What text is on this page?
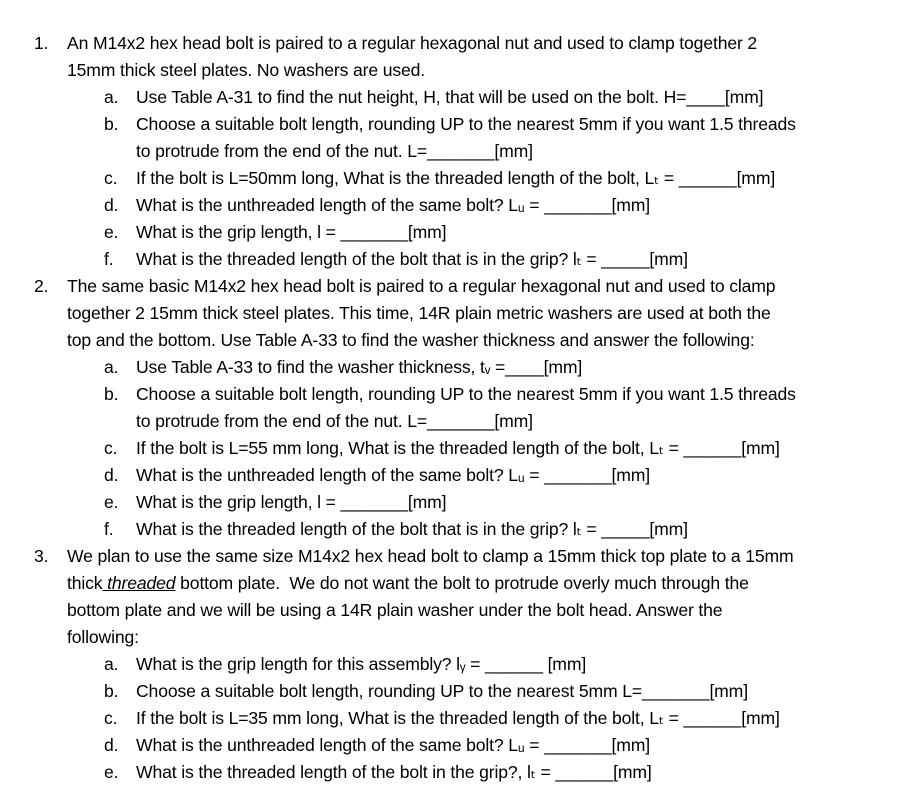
1. An M14x2 hex head bolt is paired to a regular hexagonal nut and used to clamp together 2
15mm thick steel plates. No washers are used.
a. Use Table A-31 to find the nut height, H, that will be used on the bolt. H=____[mm]
b. Choose a suitable bolt length, rounding UP to the nearest 5mm if you want 1.5 threads
to protrude from the end of the nut. L=_______[mm]
c. If the bolt is L=50mm long, What is the threaded length of the bolt, Lₜ = ______[mm]
d. What is the unthreaded length of the same bolt? Lᵤ = _______[mm]
e. What is the grip length, l = _______[mm]
f. What is the threaded length of the bolt that is in the grip? lₜ = _____[mm]
2. The same basic M14x2 hex head bolt is paired to a regular hexagonal nut and used to clamp
together 2 15mm thick steel plates. This time, 14R plain metric washers are used at both the
top and the bottom. Use Table A-33 to find the washer thickness and answer the following:
a. Use Table A-33 to find the washer thickness, tᵥ =____[mm]
b. Choose a suitable bolt length, rounding UP to the nearest 5mm if you want 1.5 threads
to protrude from the end of the nut. L=_______[mm]
c. If the bolt is L=55 mm long, What is the threaded length of the bolt, Lₜ = ______[mm]
d. What is the unthreaded length of the same bolt? Lᵤ = _______[mm]
e. What is the grip length, l = _______[mm]
f. What is the threaded length of the bolt that is in the grip? lₜ = _____[mm]
3. We plan to use the same size M14x2 hex head bolt to clamp a 15mm thick top plate to a 15mm
thick threaded bottom plate.  We do not want the bolt to protrude overly much through the
bottom plate and we will be using a 14R plain washer under the bolt head. Answer the
following:
a. What is the grip length for this assembly? lᵧ = ______ [mm]
b. Choose a suitable bolt length, rounding UP to the nearest 5mm L=_______[mm]
c. If the bolt is L=35 mm long, What is the threaded length of the bolt, Lₜ = ______[mm]
d. What is the unthreaded length of the same bolt? Lᵤ = _______[mm]
e. What is the threaded length of the bolt in the grip?, lₜ = ______[mm]
